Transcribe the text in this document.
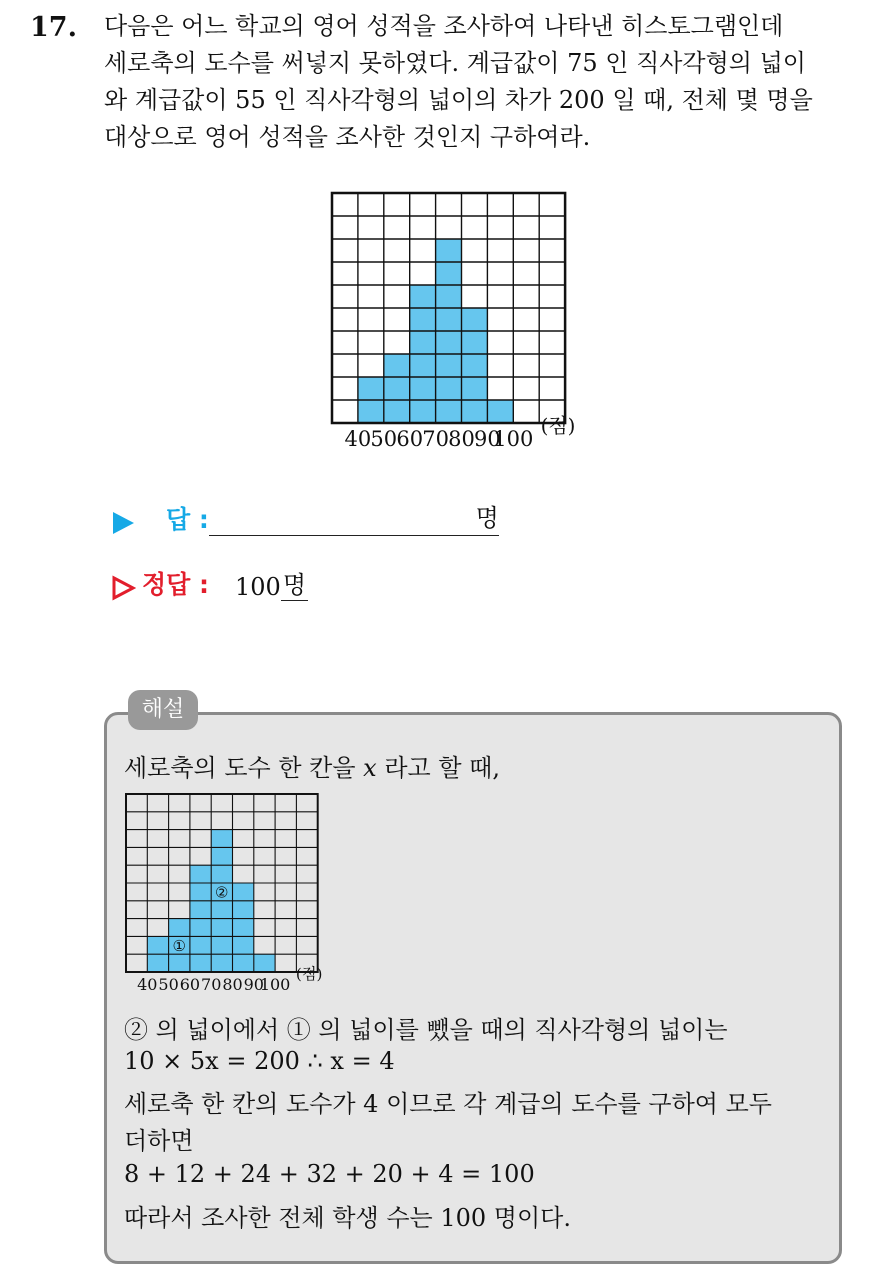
17. 다음은 어느 학교의 영어 성적을 조사하여 나타낸 히스토그램인데
세로축의 도수를 써넣지 못하였다. 계급값이 75 인 직사각형의 넓이
와 계급값이 55 인 직사각형의 넓이의 차가 200 일 때, 전체 몇 명을
대상으로 영어 성적을 조사한 것인지 구하여라.
40 50 60 70 80 90
100
(점)
답 :	명
정답 : 100 명
해설
세로축의 도수 한 칸을 x 라고 할 때,
40 50 60 70 80 90
100
(점)
①
②
② 의 넓이에서 ① 의 넓이를 뺐을 때의 직사각형의 넓이는
10 × 5x = 200 ∴ x = 4
세로축 한 칸의 도수가 4 이므로 각 계급의 도수를 구하여 모두
더하면
8 + 12 + 24 + 32 + 20 + 4 = 100
따라서 조사한 전체 학생 수는 100 명이다.
